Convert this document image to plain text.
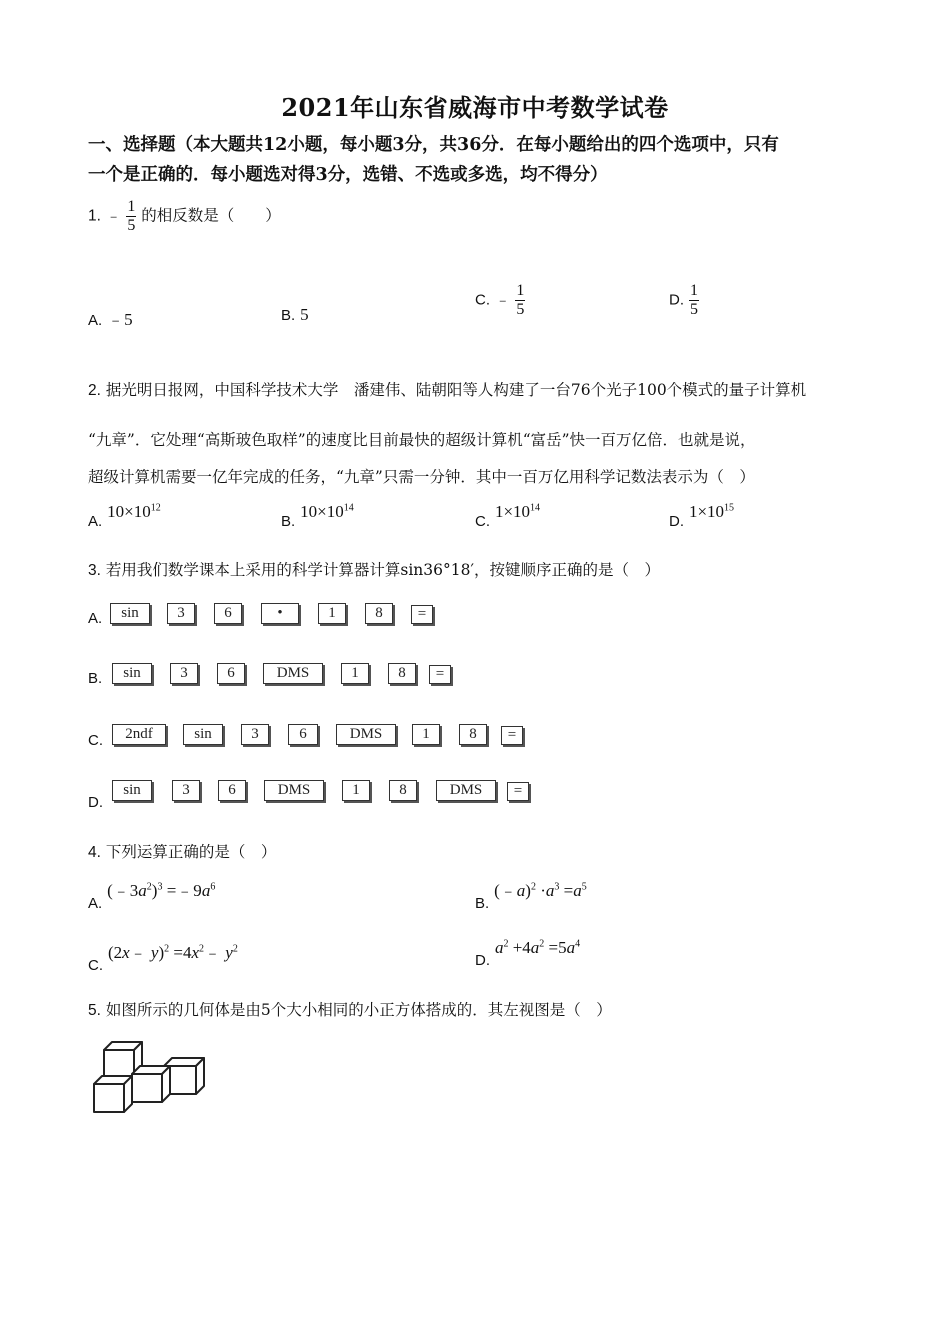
2021年山东省威海市中考数学试卷
一、选择题（本大题共12小题，每小题3分，共36分．在每小题给出的四个选项中，只有
一个是正确的．每小题选对得3分，选错、不选或多选，均不得分）
1. ﹣ $\frac{1}{5}$ 的相反数是（　　）
A. ﹣5	B. 5
C. ﹣ $\frac{1}{5}$	D. $\frac{1}{5}$
2. 据光明日报网，中国科学技术大学　潘建伟、陆朝阳等人构建了一台76个光子100个模式的量子计算机
“九章”．它处理“高斯玻色取样”的速度比目前最快的超级计算机“富岳”快一百万亿倍．也就是说，
超级计算机需要一亿年完成的任务，“九章”只需一分钟．其中一百万亿用科学记数法表示为（　）
A. $10\times 10^{12}$
B. $10\times 10^{14}$
C. $1\times 10^{14}$
D. $1\times 10^{15}$
3. 若用我们数学课本上采用的科学计算器计算sin36°18′，按键顺序正确的是（　）
A.	sin	3	6	•	1	8	=
B.	sin	3	6	DMS	1	8	=
C.	2ndf	sin	3	6	DMS	1	8	=
D.
sin	3	6	DMS	1	8	DMS	=
4. 下列运算正确的是（　）
A. $(﹣3a^2)^3$ $=﹣9a^6$
B. (﹣a)$^2$ $\cdot a^3 =a^5$
C. (2x﹣ $y)^2 =4x^2﹣$ $y^2$
D. $a^2 +4a^2 =5a^4$
5. 如图所示的几何体是由5个大小相同的小正方体搭成的．其左视图是（　）
